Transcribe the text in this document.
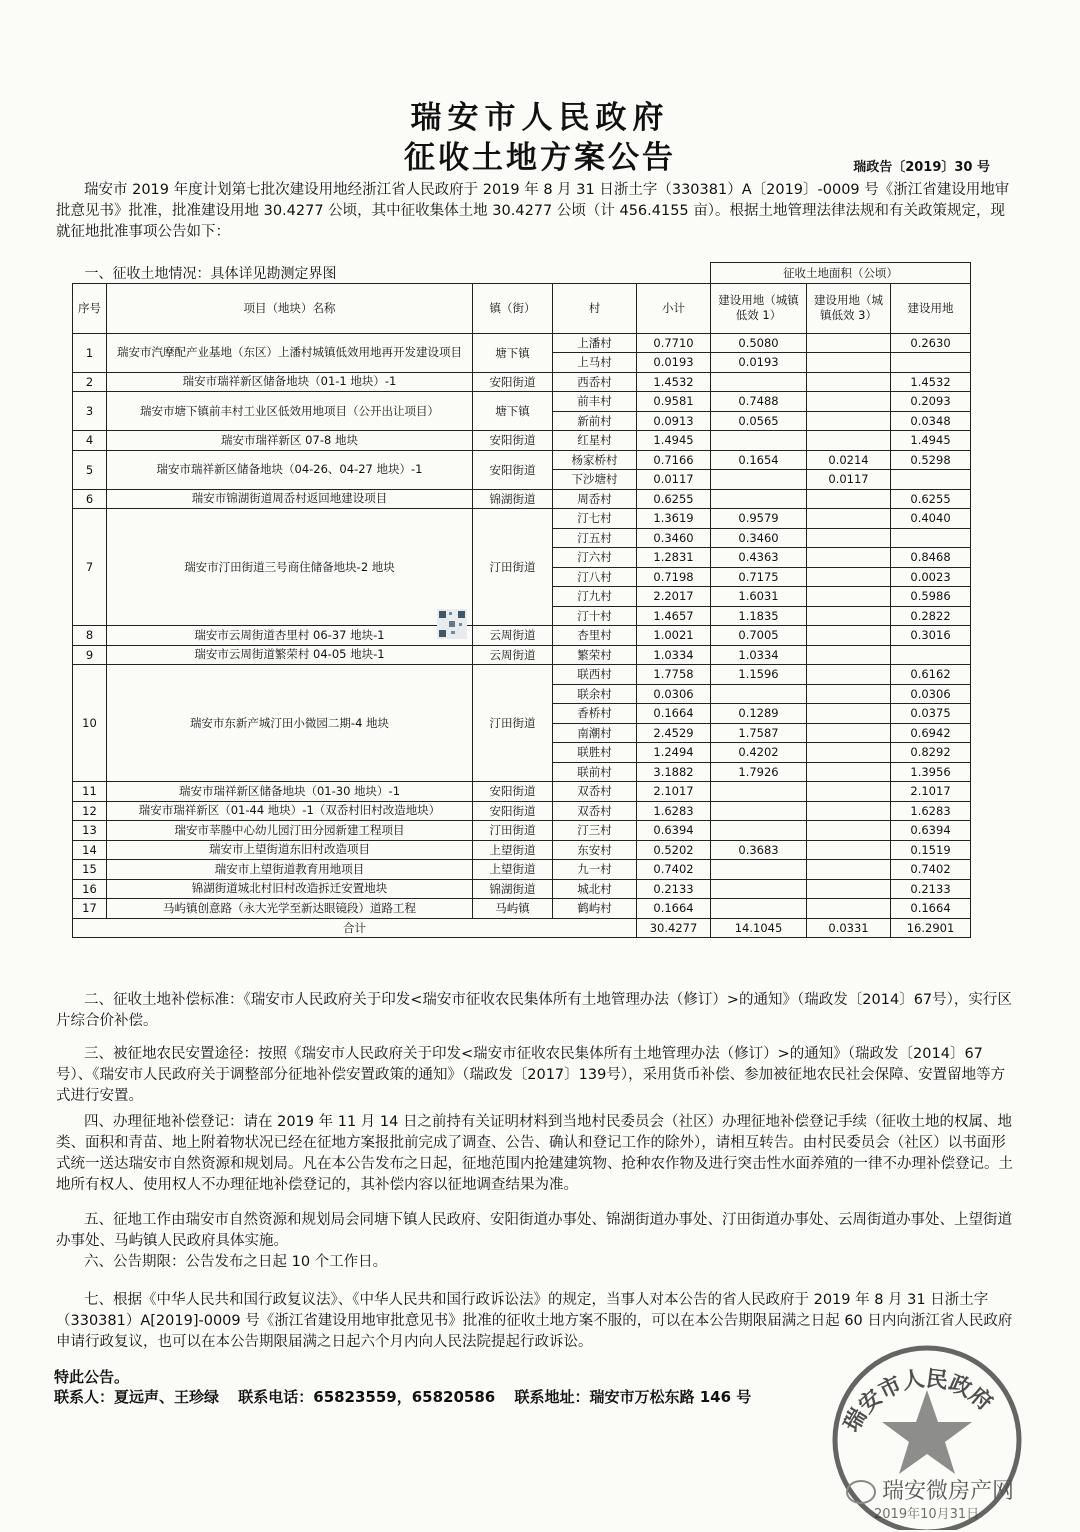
瑞安市人民政府
征收土地方案公告	瑞政告〔2019〕30 号
瑞安市 2019 年度计划第七批次建设用地经浙江省人民政府于 2019 年 8 月 31 日浙土字（330381）A〔2019〕-0009 号《浙江省建设用地审批意见书》批准，批准建设用地 30.4277 公顷，其中征收集体土地 30.4277 公顷（计 456.4155 亩）。根据土地管理法律法规和有关政策规定，现就征地批准事项公告如下：
一、征收土地情况：具体详见勘测定界图					征收土地面积（公顷）		
序号	项目（地块）名称	镇（街）	村	小计	建设用地（城镇低效 1）	建设用地（城镇低效 3）	建设用地
1	瑞安市汽摩配产业基地（东区）上潘村城镇低效用地再开发建设项目	塘下镇	上潘村	0.7710	0.5080		0.2630
			上马村	0.0193	0.0193		
2	瑞安市瑞祥新区储备地块（01-1 地块）-1	安阳街道	西岙村	1.4532			1.4532
3	瑞安市塘下镇前丰村工业区低效用地项目（公开出让项目）	塘下镇	前丰村	0.9581	0.7488		0.2093
			新前村	0.0913	0.0565		0.0348
4	瑞安市瑞祥新区 07-8 地块	安阳街道	红星村	1.4945			1.4945
5	瑞安市瑞祥新区储备地块（04-26、04-27 地块）-1	安阳街道	杨家桥村	0.7166	0.1654	0.0214	0.5298
			下沙塘村	0.0117		0.0117	
6	瑞安市锦湖街道周岙村返回地建设项目	锦湖街道	周岙村	0.6255			0.6255
7	瑞安市汀田街道三号商住储备地块-2 地块	汀田街道	汀七村	1.3619	0.9579		0.4040
			汀五村	0.3460	0.3460		
			汀六村	1.2831	0.4363		0.8468
			汀八村	0.7198	0.7175		0.0023
			汀九村	2.2017	1.6031		0.5986
			汀十村	1.4657	1.1835		0.2822
8	瑞安市云周街道杏里村 06-37 地块-1	云周街道	杏里村	1.0021	0.7005		0.3016
9	瑞安市云周街道繁荣村 04-05 地块-1	云周街道	繁荣村	1.0334	1.0334		
10	瑞安市东新产城汀田小微园二期-4 地块	汀田街道	联西村	1.7758	1.1596		0.6162
			联余村	0.0306			0.0306
			香桥村	0.1664	0.1289		0.0375
			南潮村	2.4529	1.7587		0.6942
			联胜村	1.2494	0.4202		0.8292
			联前村	3.1882	1.7926		1.3956
11	瑞安市瑞祥新区储备地块（01-30 地块）-1	安阳街道	双岙村	2.1017			2.1017
12	瑞安市瑞祥新区（01-44 地块）-1（双岙村旧村改造地块）	安阳街道	双岙村	1.6283			1.6283
13	瑞安市莘塍中心幼儿园汀田分园新建工程项目	汀田街道	汀三村	0.6394			0.6394
14	瑞安市上望街道东旧村改造项目	上望街道	东安村	0.5202	0.3683		0.1519
15	瑞安市上望街道教育用地项目	上望街道	九一村	0.7402			0.7402
16	锦湖街道城北村旧村改造拆迁安置地块	锦湖街道	城北村	0.2133			0.2133
17	马屿镇创意路（永大光学至新达眼镜段）道路工程	马屿镇	鹤屿村	0.1664			0.1664
合计				30.4277	14.1045	0.0331	16.2901
二、征收土地补偿标准：《瑞安市人民政府关于印发<瑞安市征收农民集体所有土地管理办法（修订）>的通知》（瑞政发〔2014〕67号），实行区片综合价补偿。
三、被征地农民安置途径：按照《瑞安市人民政府关于印发<瑞安市征收农民集体所有土地管理办法（修订）>的通知》（瑞政发〔2014〕67号）、《瑞安市人民政府关于调整部分征地补偿安置政策的通知》（瑞政发〔2017〕139号），采用货币补偿、参加被征地农民社会保障、安置留地等方式进行安置。
四、办理征地补偿登记：请在 2019 年 11 月 14 日之前持有关证明材料到当地村民委员会（社区）办理征地补偿登记手续（征收土地的权属、地类、面积和青苗、地上附着物状况已经在征地方案报批前完成了调查、公告、确认和登记工作的除外），请相互转告。由村民委员会（社区）以书面形式统一送达瑞安市自然资源和规划局。凡在本公告发布之日起，征地范围内抢建建筑物、抢种农作物及进行突击性水面养殖的一律不办理补偿登记。土地所有权人、使用权人不办理征地补偿登记的，其补偿内容以征地调查结果为准。
五、征地工作由瑞安市自然资源和规划局会同塘下镇人民政府、安阳街道办事处、锦湖街道办事处、汀田街道办事处、云周街道办事处、上望街道办事处、马屿镇人民政府具体实施。
六、公告期限：公告发布之日起 10 个工作日。
七、根据《中华人民共和国行政复议法》、《中华人民共和国行政诉讼法》的规定，当事人对本公告的省人民政府于 2019 年 8 月 31 日浙土字（330381）A[2019]-0009 号《浙江省建设用地审批意见书》批准的征收土地方案不服的，可以在本公告期限届满之日起 60 日内向浙江省人民政府申请行政复议，也可以在本公告期限届满之日起六个月内向人民法院提起行政诉讼。
特此公告。
联系人：夏远声、王珍绿 联系电话：65823559，65820586 联系地址：瑞安市万松东路 146 号
瑞安市人民政府
2019年10月31日
瑞安微房产网
